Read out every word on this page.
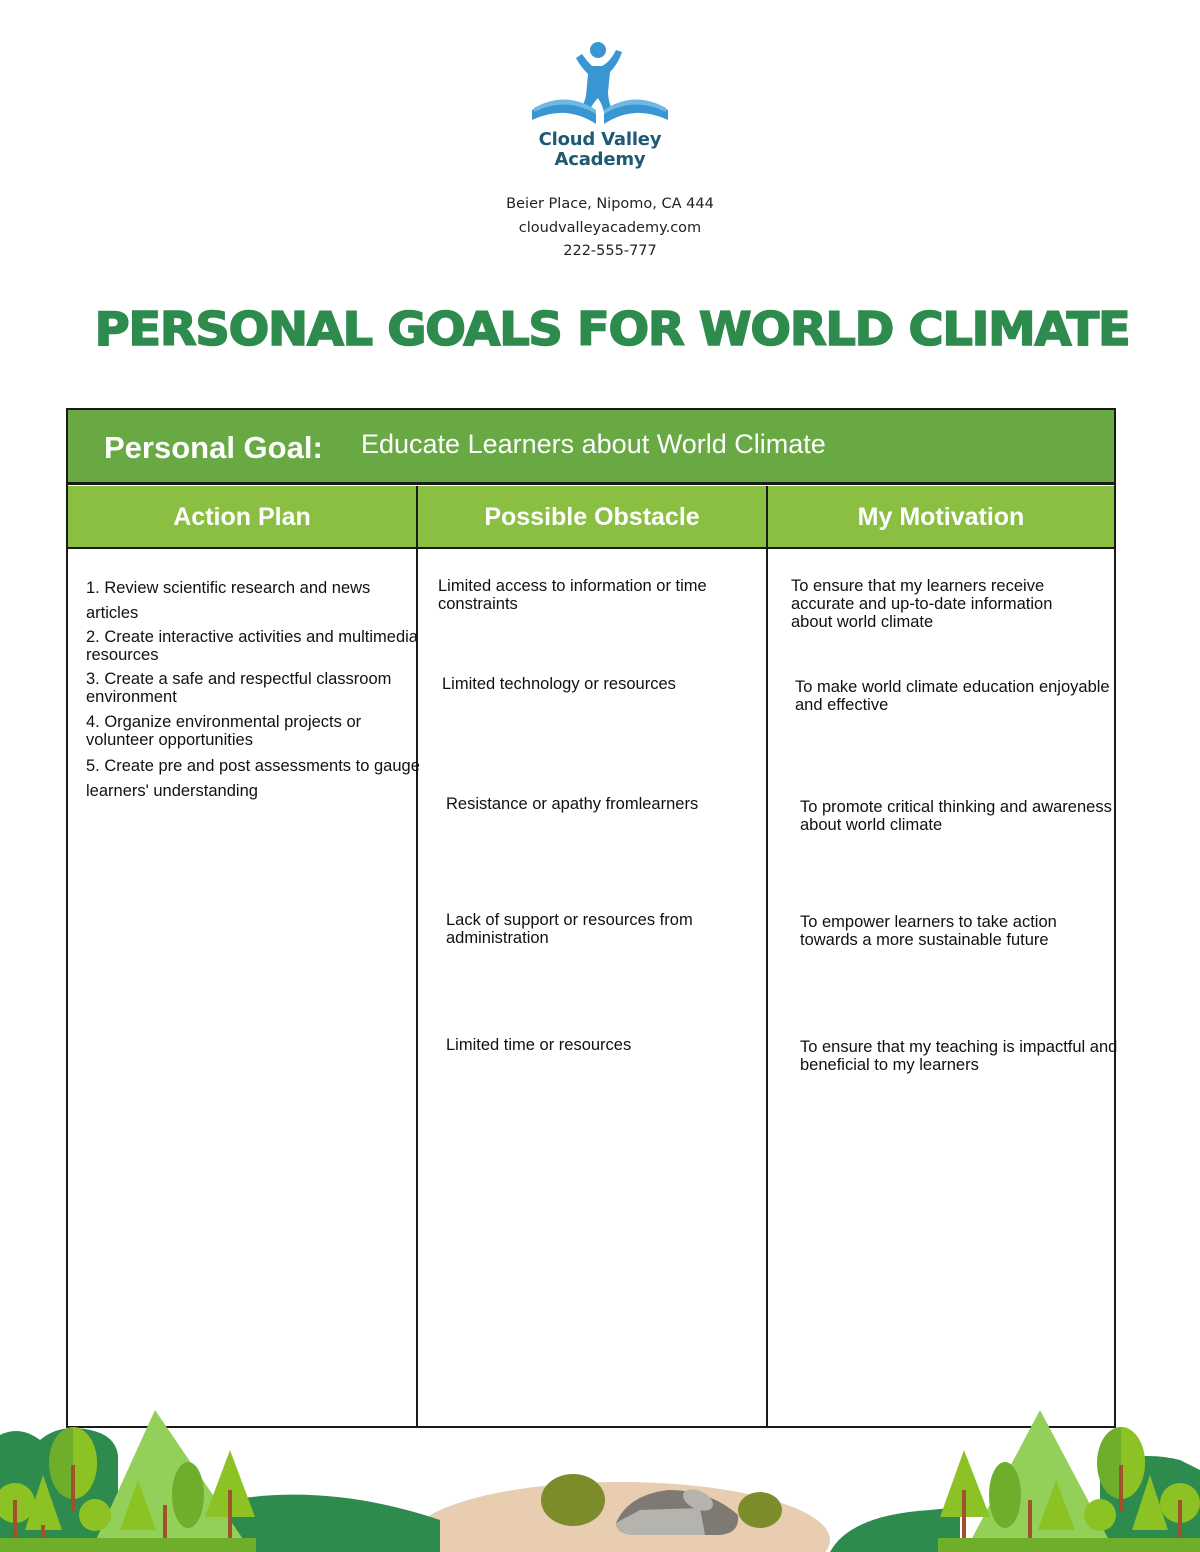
Cloud Valley
Academy
Beier Place, Nipomo, CA 444
cloudvalleyacademy.com
222-555-777
PERSONAL GOALS FOR WORLD CLIMATE
Personal Goal: Educate Learners about World Climate
Action Plan	Possible Obstacle	My Motivation
1. Review scientific research and news articles
2. Create interactive activities and multimedia resources
3. Create a safe and respectful classroom environment
4. Organize environmental projects or volunteer opportunities
5. Create pre and post assessments to gauge learners' understanding
Limited access to information or time constraints
Limited technology or resources
Resistance or apathy fromlearners
Lack of support or resources from administration
Limited time or resources
To ensure that my learners receive accurate and up-to-date information about world climate
To make world climate education enjoyable and effective
To promote critical thinking and awareness about world climate
To empower learners to take action towards a more sustainable future
To ensure that my teaching is impactful and beneficial to my learners
